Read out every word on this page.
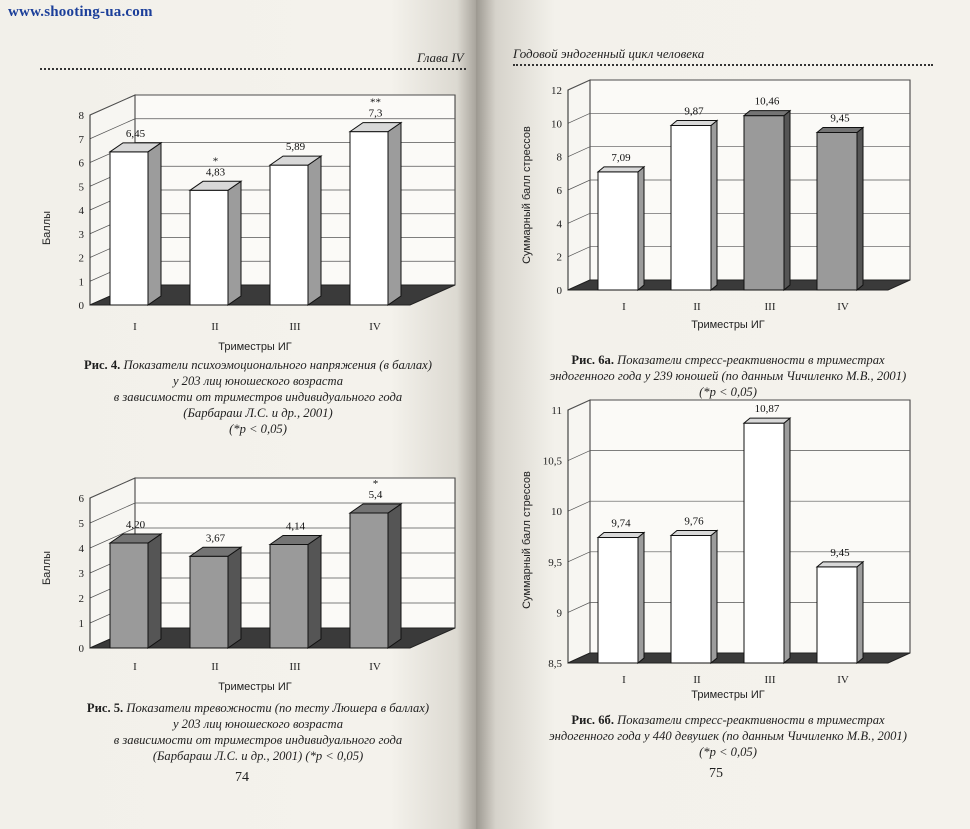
www.shooting-ua.com
Глава IV	Годовой эндогенный цикл человека
0
1
2
3
4
5
6
7
8
6,45
I
4,83
*
II
5,89
III
7,3
**
IV
Баллы
Триместры ИГ
0
1
2
3
4
5
6
4,20
I
3,67
II
4,14
III
5,4
*
IV
Баллы
Триместры ИГ
0
2
4
6
8
10
12
7,09
I
9,87
II
10,46
III
9,45
IV
Суммарный балл стрессов
Триместры ИГ
8,5
9
9,5
10
10,5
11
9,74
I
9,76
II
10,87
III
9,45
IV
Суммарный балл стрессов
Триместры ИГ
Рис. 4. Показатели психоэмоционального напряжения (в баллах)
у 203 лиц юношеского возраста
в зависимости от триместров индивидуального года
(Барбараш Л.С. и др., 2001)
(*р < 0,05)
Рис. 5. Показатели тревожности (по тесту Люшера в баллах)
у 203 лиц юношеского возраста
в зависимости от триместров индивидуального года
(Барбараш Л.С. и др., 2001) (*р < 0,05)
Рис. 6а. Показатели стресс-реактивности в триместрах
эндогенного года у 239 юношей (по данным Чичиленко М.В., 2001)
(*р < 0,05)
Рис. 6б. Показатели стресс-реактивности в триместрах
эндогенного года у 440 девушек (по данным Чичиленко М.В., 2001)
(*р < 0,05)
74	75
